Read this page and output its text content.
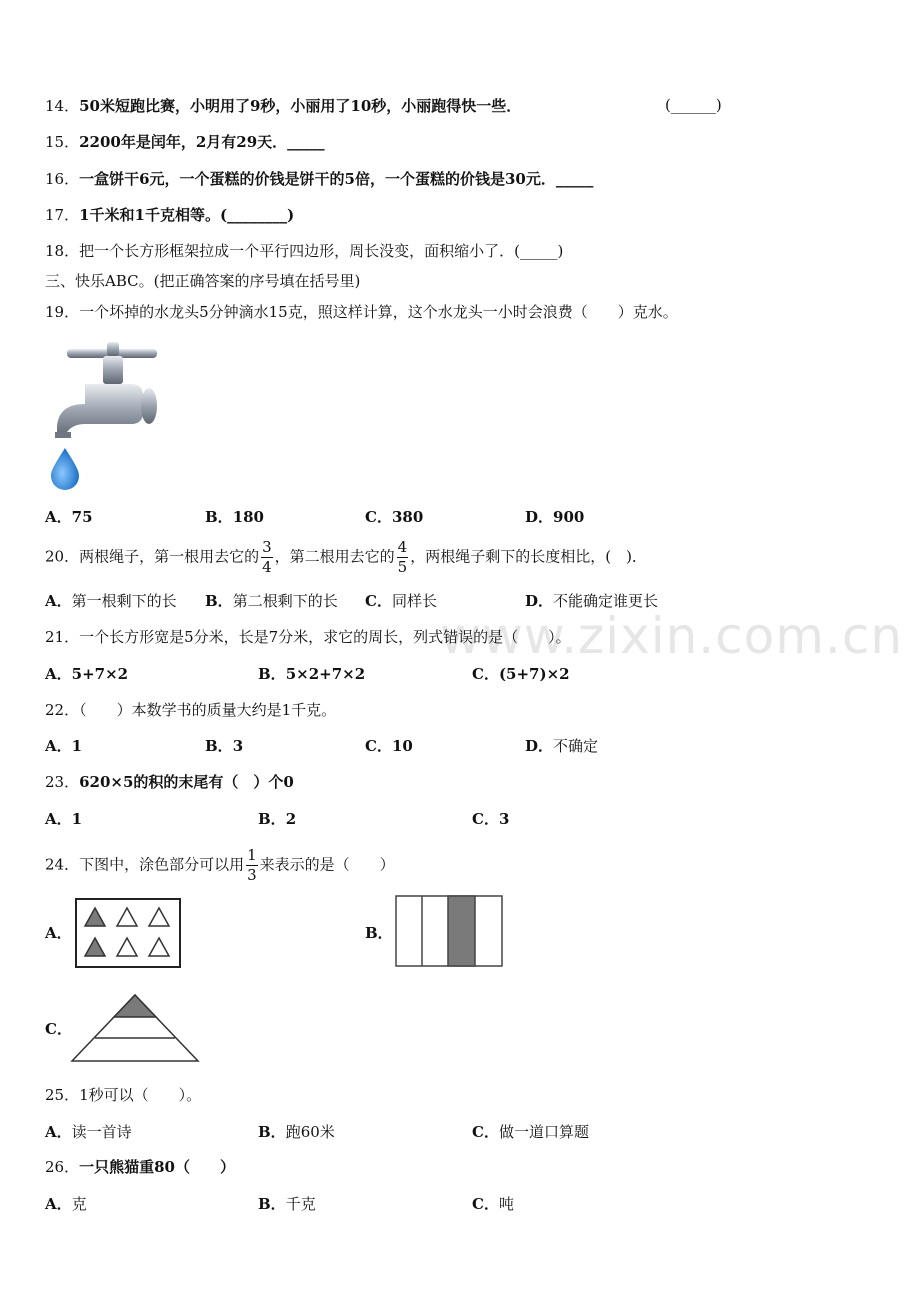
14．50米短跑比赛，小明用了9秒，小丽用了10秒，小丽跑得快一些．	(______)
15．2200年是闰年，2月有29天．_____
16．一盒饼干6元，一个蛋糕的价钱是饼干的5倍，一个蛋糕的价钱是30元．_____
17．1千米和1千克相等。(________)
18．把一个长方形框架拉成一个平行四边形，周长没变，面积缩小了．(_____)
三、快乐ABC。(把正确答案的序号填在括号里)
19．一个坏掉的水龙头5分钟滴水15克，照这样计算，这个水龙头一小时会浪费（　　）克水。
A．75	B．180	C．380	D．900
20．两根绳子，第一根用去它的 $\frac{3}{4}$ ，第二根用去它的 $\frac{4}{5}$ ，两根绳子剩下的长度相比，(　)．
A．第一根剩下的长 B．第二根剩下的长 C．同样长	D．不能确定谁更长
www.zixin.com.cn
21．一个长方形宽是5分米，长是7分米，求它的周长，列式错误的是（　　）。
A．5+7×2	B．5×2+7×2	C．(5+7)×2
22．（　　）本数学书的质量大约是1千克。
A．1	B．3	C．10	D．不确定
23．620×5的积的末尾有（　）个0
A．1	B．2	C．3
24．下图中，涂色部分可以用 $\frac{1}{3}$ 来表示的是（　　）
A．	B．
C．
25．1秒可以（　　）。
A．读一首诗	B．跑60米	C．做一道口算题
26．一只熊猫重80（　　）
A．克	B．千克	C．吨
